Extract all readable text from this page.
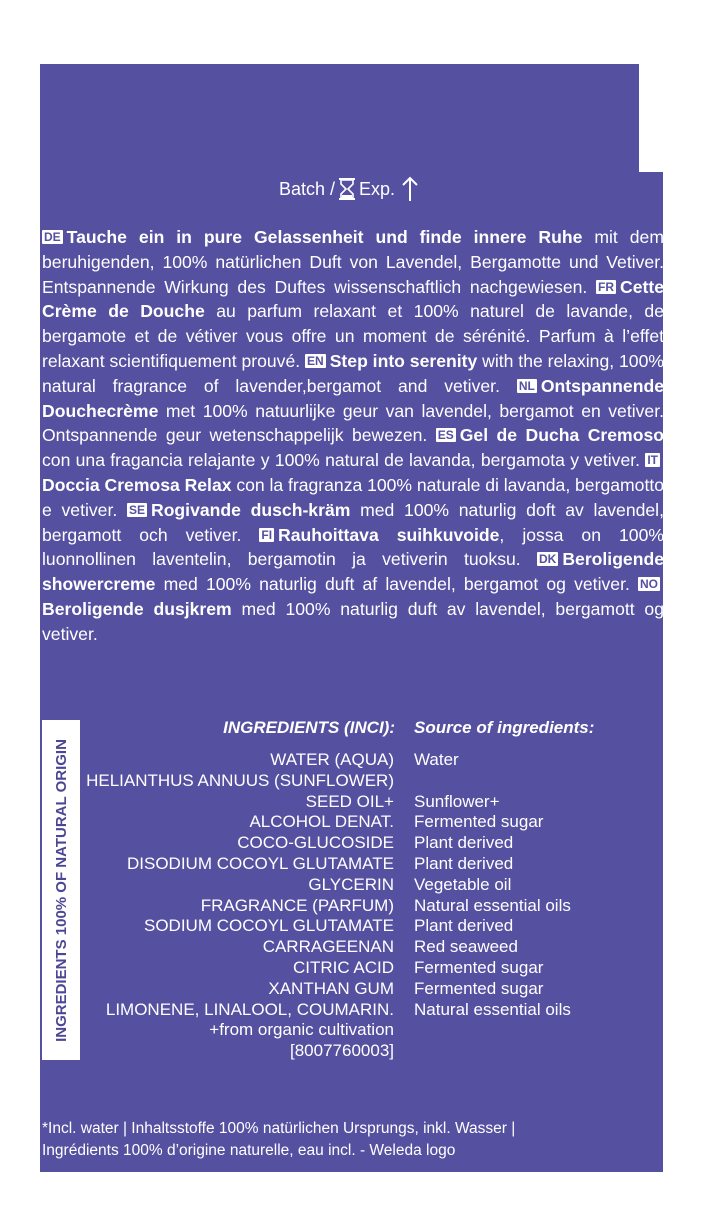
Batch / Exp.
DE Tauche ein in pure Gelassenheit und finde innere Ruhe mit dem beruhigenden, 100% natürlichen Duft von Lavendel, Bergamotte und Vetiver. Entspannende Wirkung des Duftes wissenschaftlich nachgewiesen. FR Cette Crème de Douche au parfum relaxant et 100% naturel de lavande, de bergamote et de vétiver vous offre un moment de sérénité. Parfum à l’effet relaxant scientifiquement prouvé. EN Step into serenity with the relaxing, 100% natural fragrance of lavender,bergamot and vetiver. NL Ontspannende Douchecrème met 100% natuurlijke geur van lavendel, bergamot en vetiver. Ontspannende geur wetenschappelijk bewezen. ES Gel de Ducha Cremoso con una fragancia relajante y 100% natural de lavanda, bergamota y vetiver. ITDoccia Cremosa Relax con la fragranza 100% naturale di lavanda, bergamotto e vetiver. SE Rogivande dusch-kräm med 100% naturlig doft av lavendel, bergamott och vetiver. FI Rauhoittava suihkuvoide, jossa on 100% luonnollinen laventelin, bergamotin ja vetiverin tuoksu. DK Beroligende showercreme med 100% naturlig duft af lavendel, bergamot og vetiver. NOBeroligende dusjkrem med 100% naturlig duft av lavendel, bergamott og vetiver.
INGREDIENTS 100% OF NATURAL ORIGIN
INGREDIENTS (INCI): Source of ingredients:
WATER (AQUA)
HELIANTHUS ANNUUS (SUNFLOWER)
SEED OIL+
ALCOHOL DENAT.
COCO-GLUCOSIDE
DISODIUM COCOYL GLUTAMATE
GLYCERIN
FRAGRANCE (PARFUM)
SODIUM COCOYL GLUTAMATE
CARRAGEENAN
CITRIC ACID
XANTHAN GUM
LIMONENE, LINALOOL, COUMARIN.
+from organic cultivation
[8007760003]
Water
Sunflower+
Fermented sugar
Plant derived
Plant derived
Vegetable oil
Natural essential oils
Plant derived
Red seaweed
Fermented sugar
Fermented sugar
Natural essential oils
*Incl. water | Inhaltsstoffe 100% natürlichen Ursprungs, inkl. Wasser |
Ingrédients 100% d’origine naturelle, eau incl. - Weleda logo
